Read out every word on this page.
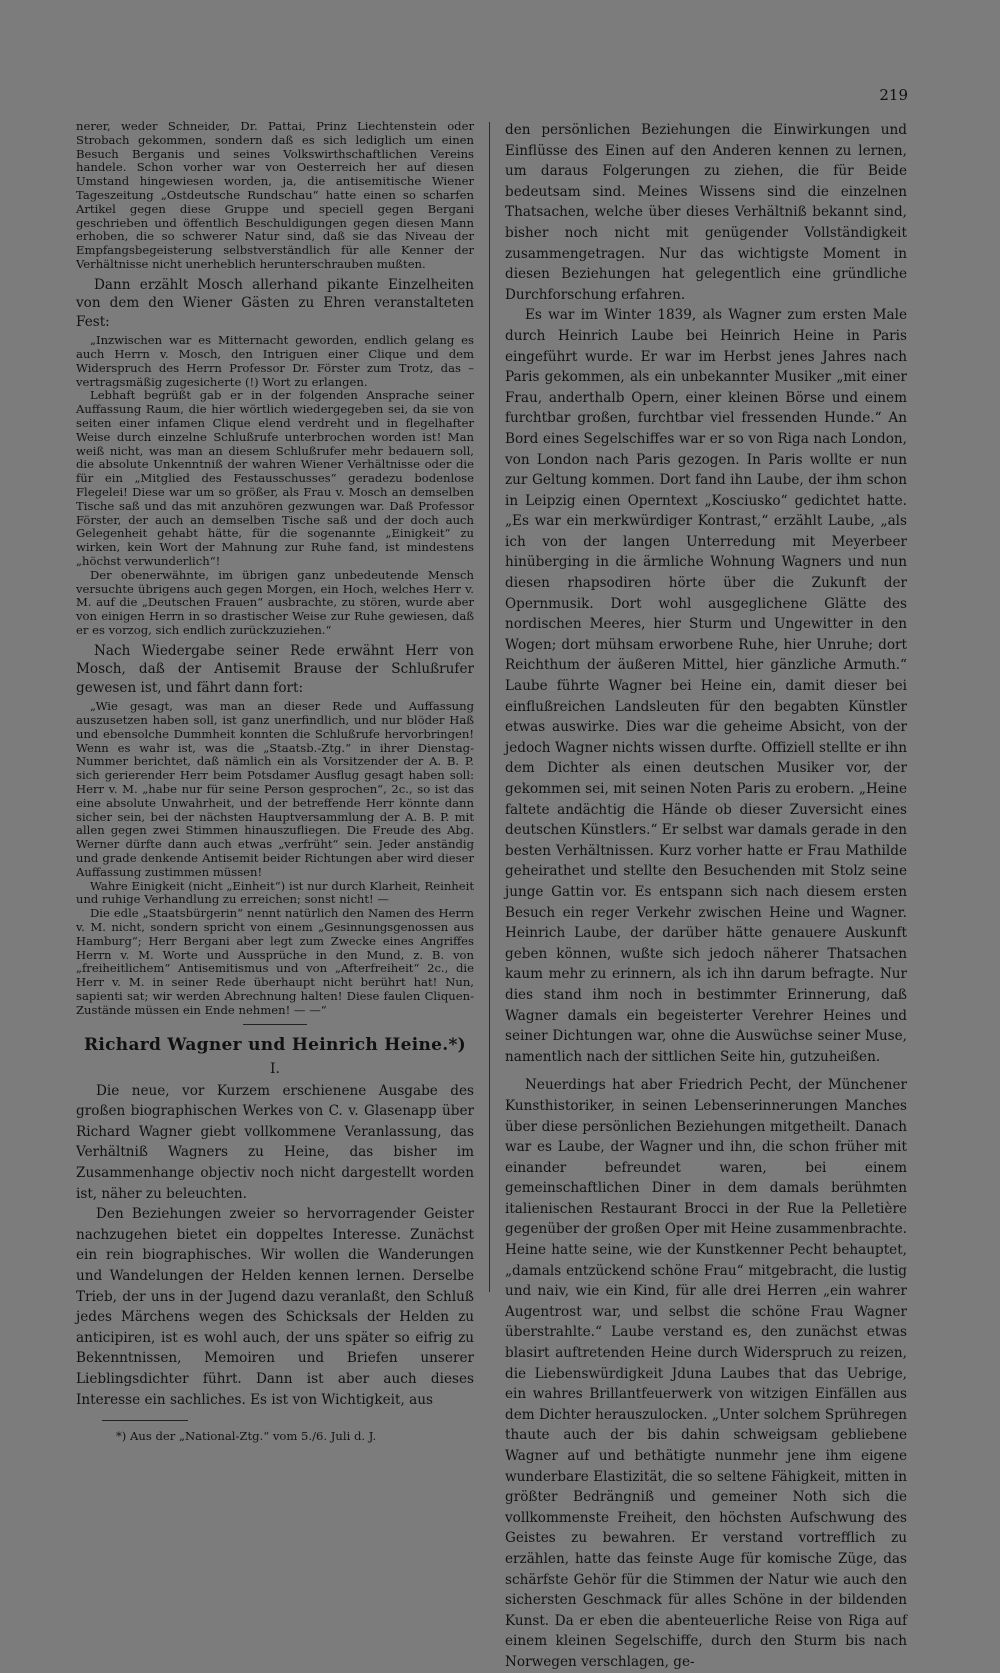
219

nerer, weder Schneider, Dr. Pattai, Prinz Liechtenstein oder Strobach gekommen, sondern daß es sich lediglich um einen Besuch Berganis und seines Volkswirthschaftlichen Vereins handele. Schon vorher war von Oesterreich her auf diesen Umstand hingewiesen worden, ja, die antisemitische Wiener Tageszeitung „Ostdeutsche Rundschau“ hatte einen so scharfen Artikel gegen diese Gruppe und speciell gegen Bergani geschrieben und öffentlich Beschuldigungen gegen diesen Mann erhoben, die so schwerer Natur sind, daß sie das Niveau der Empfangsbegeisterung selbstverständlich für alle Kenner der Verhältnisse nicht unerheblich herunterschrauben mußten.

Dann erzählt Mosch allerhand pikante Einzelheiten von dem den Wiener Gästen zu Ehren veranstalteten Fest:

„Inzwischen war es Mitternacht geworden, endlich gelang es auch Herrn v. Mosch, den Intriguen einer Clique und dem Widerspruch des Herrn Professor Dr. Förster zum Trotz, das – vertragsmäßig zugesicherte (!) Wort zu erlangen.

Lebhaft begrüßt gab er in der folgenden Ansprache seiner Auffassung Raum, die hier wörtlich wiedergegeben sei, da sie von seiten einer infamen Clique elend verdreht und in flegelhafter Weise durch einzelne Schlußrufe unterbrochen worden ist! Man weiß nicht, was man an diesem Schlußrufer mehr bedauern soll, die absolute Unkenntniß der wahren Wiener Verhältnisse oder die für ein „Mitglied des Festausschusses“ geradezu bodenlose Flegelei! Diese war um so größer, als Frau v. Mosch an demselben Tische saß und das mit anzuhören gezwungen war. Daß Professor Förster, der auch an demselben Tische saß und der doch auch Gelegenheit gehabt hätte, für die sogenannte „Einigkeit“ zu wirken, kein Wort der Mahnung zur Ruhe fand, ist mindestens „höchst verwunderlich“!

Der obenerwähnte, im übrigen ganz unbedeutende Mensch versuchte übrigens auch gegen Morgen, ein Hoch, welches Herr v. M. auf die „Deutschen Frauen“ ausbrachte, zu stören, wurde aber von einigen Herrn in so drastischer Weise zur Ruhe gewiesen, daß er es vorzog, sich endlich zurückzuziehen.“

Nach Wiedergabe seiner Rede erwähnt Herr von Mosch, daß der Antisemit Brause der Schlußrufer gewesen ist, und fährt dann fort:

„Wie gesagt, was man an dieser Rede und Auffassung auszusetzen haben soll, ist ganz unerfindlich, und nur blöder Haß und ebensolche Dummheit konnten die Schlußrufe hervorbringen! Wenn es wahr ist, was die „Staatsb.-Ztg.“ in ihrer Dienstag-Nummer berichtet, daß nämlich ein als Vorsitzender der A. B. P. sich gerierender Herr beim Potsdamer Ausflug gesagt haben soll: Herr v. M. „habe nur für seine Person gesprochen“, 2c., so ist das eine absolute Unwahrheit, und der betreffende Herr könnte dann sicher sein, bei der nächsten Hauptversammlung der A. B. P. mit allen gegen zwei Stimmen hinauszufliegen. Die Freude des Abg. Werner dürfte dann auch etwas „verfrüht“ sein. Jeder anständig und grade denkende Antisemit beider Richtungen aber wird dieser Auffassung zustimmen müssen!

Wahre Einigkeit (nicht „Einheit“) ist nur durch Klarheit, Reinheit und ruhige Verhandlung zu erreichen; sonst nicht! —

Die edle „Staatsbürgerin“ nennt natürlich den Namen des Herrn v. M. nicht, sondern spricht von einem „Gesinnungsgenossen aus Hamburg“; Herr Bergani aber legt zum Zwecke eines Angriffes Herrn v. M. Worte und Aussprüche in den Mund, z. B. von „freiheitlichem“ Antisemitismus und von „Afterfreiheit“ 2c., die Herr v. M. in seiner Rede überhaupt nicht berührt hat! Nun, sapienti sat; wir werden Abrechnung halten! Diese faulen Cliquen-Zustände müssen ein Ende nehmen! — —“

Richard Wagner und Heinrich Heine.*)
I.

Die neue, vor Kurzem erschienene Ausgabe des großen biographischen Werkes von C. v. Glasenapp über Richard Wagner giebt vollkommene Veranlassung, das Verhältniß Wagners zu Heine, das bisher im Zusammenhange objectiv noch nicht dargestellt worden ist, näher zu beleuchten.

Den Beziehungen zweier so hervorragender Geister nachzugehen bietet ein doppeltes Interesse. Zunächst ein rein biographisches. Wir wollen die Wanderungen und Wandelungen der Helden kennen lernen. Derselbe Trieb, der uns in der Jugend dazu veranlaßt, den Schluß jedes Märchens wegen des Schicksals der Helden zu anticipiren, ist es wohl auch, der uns später so eifrig zu Bekenntnissen, Memoiren und Briefen unserer Lieblingsdichter führt. Dann ist aber auch dieses Interesse ein sachliches. Es ist von Wichtigkeit, aus

*) Aus der „National-Ztg.“ vom 5./6. Juli d. J.

den persönlichen Beziehungen die Einwirkungen und Einflüsse des Einen auf den Anderen kennen zu lernen, um daraus Folgerungen zu ziehen, die für Beide bedeutsam sind. Meines Wissens sind die einzelnen Thatsachen, welche über dieses Verhältniß bekannt sind, bisher noch nicht mit genügender Vollständigkeit zusammengetragen. Nur das wichtigste Moment in diesen Beziehungen hat gelegentlich eine gründliche Durchforschung erfahren.

Es war im Winter 1839, als Wagner zum ersten Male durch Heinrich Laube bei Heinrich Heine in Paris eingeführt wurde. Er war im Herbst jenes Jahres nach Paris gekommen, als ein unbekannter Musiker „mit einer Frau, anderthalb Opern, einer kleinen Börse und einem furchtbar großen, furchtbar viel fressenden Hunde.“ An Bord eines Segelschiffes war er so von Riga nach London, von London nach Paris gezogen. In Paris wollte er nun zur Geltung kommen. Dort fand ihn Laube, der ihm schon in Leipzig einen Operntext „Kosciusko“ gedichtet hatte. „Es war ein merkwürdiger Kontrast,“ erzählt Laube, „als ich von der langen Unterredung mit Meyerbeer hinüberging in die ärmliche Wohnung Wagners und nun diesen rhapsodiren hörte über die Zukunft der Opernmusik. Dort wohl ausgeglichene Glätte des nordischen Meeres, hier Sturm und Ungewitter in den Wogen; dort mühsam erworbene Ruhe, hier Unruhe; dort Reichthum der äußeren Mittel, hier gänzliche Armuth.“ Laube führte Wagner bei Heine ein, damit dieser bei einflußreichen Landsleuten für den begabten Künstler etwas auswirke. Dies war die geheime Absicht, von der jedoch Wagner nichts wissen durfte. Offiziell stellte er ihn dem Dichter als einen deutschen Musiker vor, der gekommen sei, mit seinen Noten Paris zu erobern. „Heine faltete andächtig die Hände ob dieser Zuversicht eines deutschen Künstlers.“ Er selbst war damals gerade in den besten Verhältnissen. Kurz vorher hatte er Frau Mathilde geheirathet und stellte den Besuchenden mit Stolz seine junge Gattin vor. Es entspann sich nach diesem ersten Besuch ein reger Verkehr zwischen Heine und Wagner. Heinrich Laube, der darüber hätte genauere Auskunft geben können, wußte sich jedoch näherer Thatsachen kaum mehr zu erinnern, als ich ihn darum befragte. Nur dies stand ihm noch in bestimmter Erinnerung, daß Wagner damals ein begeisterter Verehrer Heines und seiner Dichtungen war, ohne die Auswüchse seiner Muse, namentlich nach der sittlichen Seite hin, gutzuheißen.

Neuerdings hat aber Friedrich Pecht, der Münchener Kunsthistoriker, in seinen Lebenserinnerungen Manches über diese persönlichen Beziehungen mitgetheilt. Danach war es Laube, der Wagner und ihn, die schon früher mit einander befreundet waren, bei einem gemeinschaftlichen Diner in dem damals berühmten italienischen Restaurant Brocci in der Rue la Pelletière gegenüber der großen Oper mit Heine zusammenbrachte. Heine hatte seine, wie der Kunstkenner Pecht behauptet, „damals entzückend schöne Frau“ mitgebracht, die lustig und naiv, wie ein Kind, für alle drei Herren „ein wahrer Augentrost war, und selbst die schöne Frau Wagner überstrahlte.“ Laube verstand es, den zunächst etwas blasirt auftretenden Heine durch Widerspruch zu reizen, die Liebenswürdigkeit Jduna Laubes that das Uebrige, ein wahres Brillantfeuerwerk von witzigen Einfällen aus dem Dichter herauszulocken. „Unter solchem Sprühregen thaute auch der bis dahin schweigsam gebliebene Wagner auf und bethätigte nunmehr jene ihm eigene wunderbare Elastizität, die so seltene Fähigkeit, mitten in größter Bedrängniß und gemeiner Noth sich die vollkommenste Freiheit, den höchsten Aufschwung des Geistes zu bewahren. Er verstand vortrefflich zu erzählen, hatte das feinste Auge für komische Züge, das schärfste Gehör für die Stimmen der Natur wie auch den sichersten Geschmack für alles Schöne in der bildenden Kunst. Da er eben die abenteuerliche Reise von Riga auf einem kleinen Segelschiffe, durch den Sturm bis nach Norwegen verschlagen, ge-
